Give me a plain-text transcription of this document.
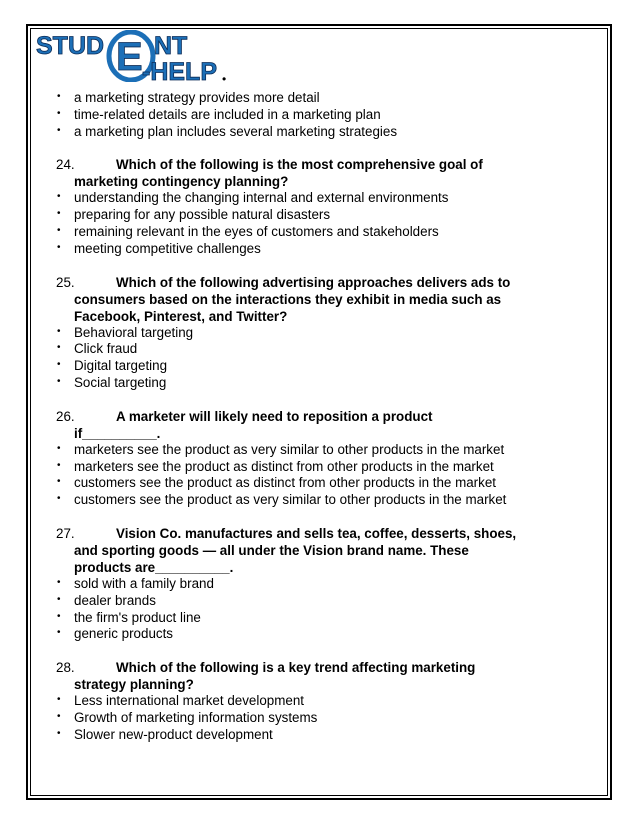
STUD E NT
-HELP •
• a marketing strategy provides more detail
• time-related details are included in a marketing plan
• a marketing plan includes several marketing strategies
24.	Which of the following is the most comprehensive goal of
marketing contingency planning?
• understanding the changing internal and external environments
• preparing for any possible natural disasters
• remaining relevant in the eyes of customers and stakeholders
• meeting competitive challenges
25.	Which of the following advertising approaches delivers ads to
consumers based on the interactions they exhibit in media such as
Facebook, Pinterest, and Twitter?
• Behavioral targeting
• Click fraud
• Digital targeting
• Social targeting
26.	A marketer will likely need to reposition a product
if__________.
• marketers see the product as very similar to other products in the market
• marketers see the product as distinct from other products in the market
• customers see the product as distinct from other products in the market
• customers see the product as very similar to other products in the market
27.	Vision Co. manufactures and sells tea, coffee, desserts, shoes,
and sporting goods — all under the Vision brand name. These
products are__________.
• sold with a family brand
• dealer brands
• the firm's product line
• generic products
28.	Which of the following is a key trend affecting marketing
strategy planning?
• Less international market development
• Growth of marketing information systems
• Slower new-product development
